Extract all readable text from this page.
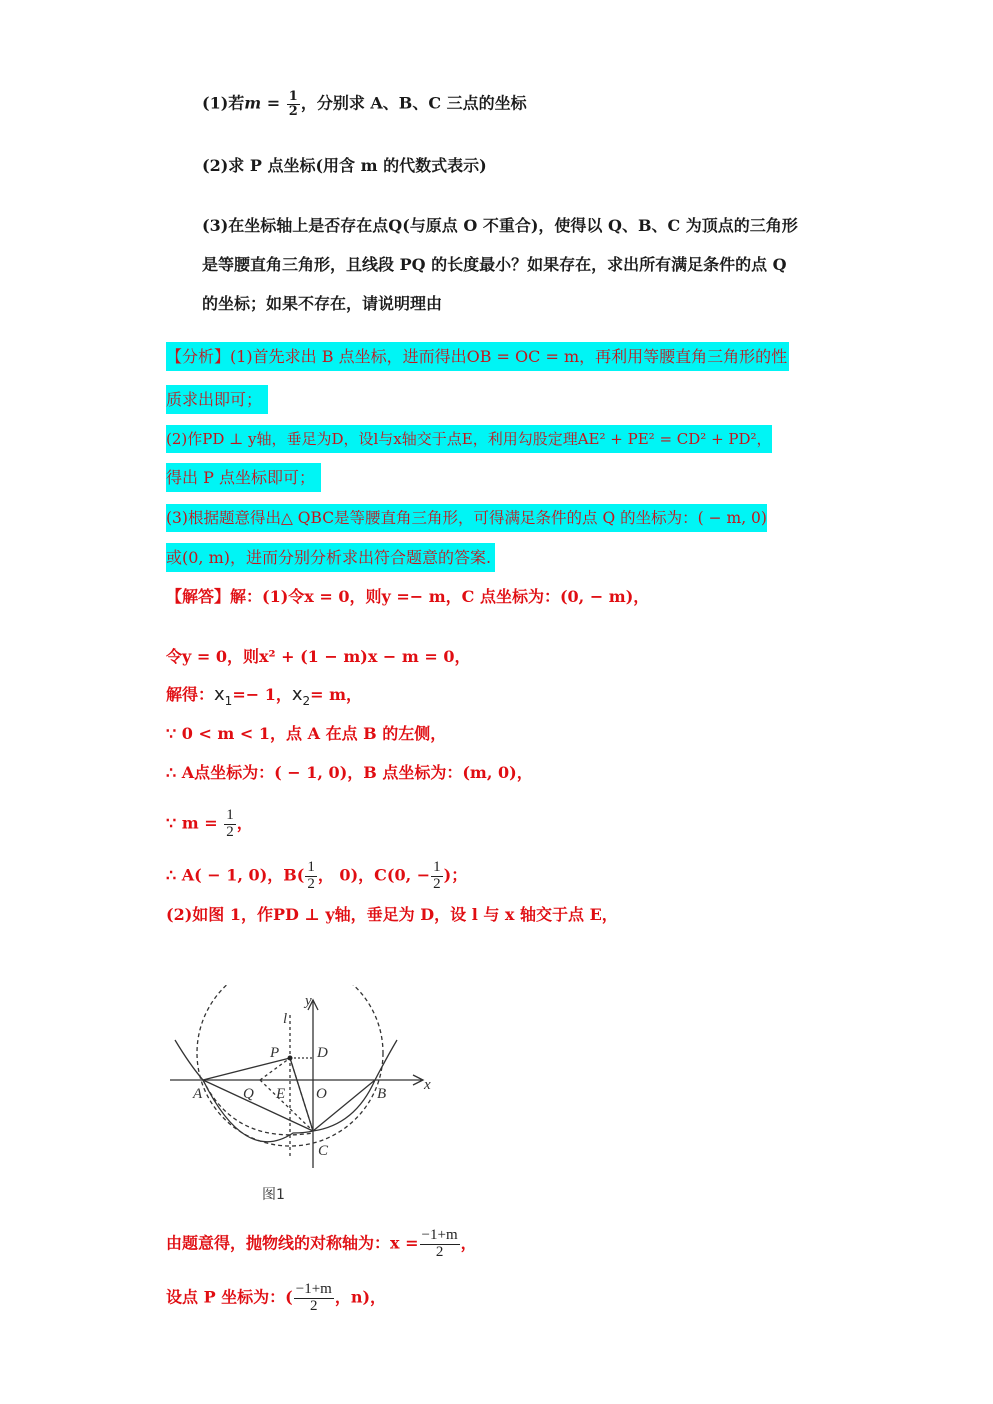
(1)若$m = \frac{1}{2}$ ，分别求 A、B、C 三点的坐标
(2)求 P 点坐标(用含 m 的代数式表示)
(3)在坐标轴上是否存在点Q(与原点 O 不重合)，使得以 Q、B、C 为顶点的三角形
是等腰直角三角形，且线段 PQ 的长度最小？如果存在，求出所有满足条件的点 Q
的坐标；如果不存在，请说明理由
【分析】(1)首先求出 B 点坐标，进而得出OB = OC = m，再利用等腰直角三角形的性
质求出即可；
(2)作PD ⊥ y轴，垂足为D，设l与x轴交于点E，利用勾股定理AE² + PE² = CD² + PD²，
得出 P 点坐标即可；
(3)根据题意得出△ QBC是等腰直角三角形，可得满足条件的点 Q 的坐标为：( − m, 0)
或(0, m)，进而分别分析求出符合题意的答案.
【解答】解：(1)令x = 0，则y =− m，C 点坐标为：(0, − m)，
令y = 0，则x² + (1 − m)x − m = 0，
解得：$x_1=- 1$，$x_2= m$，
∵ 0 < m < 1，点 A 在点 B 的左侧，
∴ A点坐标为：( − 1, 0)，B 点坐标为：(m, 0)，
∵ $m = \frac{1}{2}$ ，
∴ A( − 1, 0)，$B( \frac{1}{2}$ ， 0)，C(0, − $\frac{1}{2}$ )；
(2)如图 1，作PD ⊥ y轴，垂足为 D，设 l 与 x 轴交于点 E，
y
x
l
P	D
A	Q E O	B
C
图1
由题意得，抛物线的对称轴为：$x = \frac{-1+m}{2}$ ，
设点 P 坐标为：( $\frac{-1+m}{2}$ ，n)，
